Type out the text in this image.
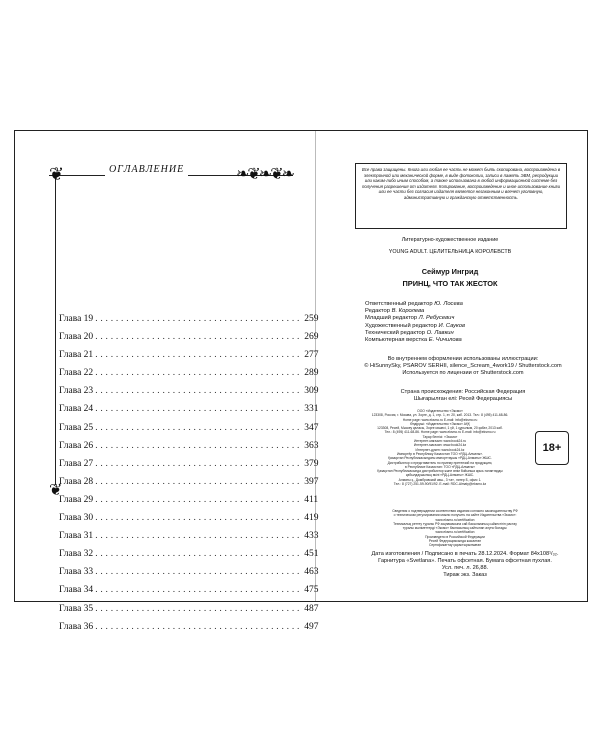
❦	❧❦❧❦❧
❦
ОГЛАВЛЕНИЕ
Глава 19 ........................................ 259
Глава 20 ........................................ 269
Глава 21 ........................................ 277
Глава 22 ........................................ 289
Глава 23 ........................................ 309
Глава 24 ........................................ 331
Глава 25 ........................................ 347
Глава 26 ........................................ 363
Глава 27 ........................................ 379
Глава 28 ........................................ 397
Глава 29 ........................................ 411
Глава 30 ........................................ 419
Глава 31 ........................................ 433
Глава 32 ........................................ 451
Глава 33 ........................................ 463
Глава 34 ........................................ 475
Глава 35 ........................................ 487
Глава 36 ........................................ 497
Все права защищены. Книга или любая ее часть не может быть скопирована, воспроизведена в электронной или механической форме, в виде фотокопии, записи в память ЭВМ, репродукции или каким-либо иным способом, а также использована в любой информационной системе без получения разрешения от издателя. Копирование, воспроизведение и иное использование книги или ее части без согласия издателя является незаконным и влечет уголовную, административную и гражданскую ответственность.
Литературно-художественное издание
YOUNG ADULT. ЦЕЛИТЕЛЬНИЦА КОРОЛЕВСТВ
Сеймур Ингрид
ПРИНЦ, ЧТО ТАК ЖЕСТОК
Ответственный редактор Ю. Лосева
Редактор В. Королева
Младший редактор Л. Ребусевич
Художественный редактор И. Сауков
Технический редактор О. Лавкин
Компьютерная верстка Е. Чичилова
Во внутреннем оформлении использованы иллюстрации:
© HiSunnySky, PSAROV SERHII, silence_Scream_4work19 / Shutterstock.com
Используется по лицензии от Shutterstock.com
Страна происхождения: Российская Федерация
Шығарылған елі: Ресей Федерациясы
ООО «Издательство «Эксмо»
123308, Россия, г. Москва, ул. Зорге, д. 1, стр. 1, эт. 20, каб. 2013. Тел.: 8 (495) 411-68-86.
Home page: www.eksmo.ru E-mail: info@eksmo.ru
Өндіруші: «Издательство «Эксмо» АҚҚ
123308, Ресей, Мәскеу қаласы, Зорге көшесі, 1 үй, 1 құрылым, 20 қабат, 2013 каб.
Тел.: 8 (495) 411-68-86. Home page: www.eksmo.ru E-mail: info@eksmo.ru
Тауар белгісі: «Эксмо»
Интернет-магазин: www.book24.ru
Интернет-магазин: www.book24.kz
Интернет-дүкен: www.book24.kz
Импортёр в Республику Казахстан ТОО «РДЦ-Алматы».
Қазақстан Республикасындағы импорттаушы «РДЦ-Алматы» ЖШС.
Дистрибьютор и представитель по приему претензий на продукцию,
в Республике Казахстан: ТОО «РДЦ-Алматы»
Қазақстан Республикасында дистрибьютор және өнім бойынша арыз-талаптарды
қабылдаушының өкілі «РДЦ-Алматы» ЖШС.
Алматы қ., Домбровский көш., 3 «а», литер Б, офис 1.
Тел.: 8 (727) 251-59-90/91/92. E-mail: RDC-Almaty@eksmo.kz
18+
Сведения о подтверждении соответствия издания согласно законодательству РФ
о техническом регулировании можно получить на сайте Издательства «Эксмо»:
www.eksmo.ru/certification
Техникалық реттеу туралы РФ заңнамасына сай басылымның сәйкестігін растау
туралы мәліметтерді «Эксмо» баспасының сайтынан алуға болады:
www.eksmo.ru/certification
Произведено в Российской Федерации
Ресей Федерациясында жасалған
Сертификаттау қарастырылмаған
Дата изготовления / Подписано в печать 28.12.2024. Формат 84x108¹/₃₂.
Гарнитура «Svetlana». Печать офсетная. Бумага офсетная пухлая.
Усл. печ. л. 26,88.
Тираж экз. Заказ
